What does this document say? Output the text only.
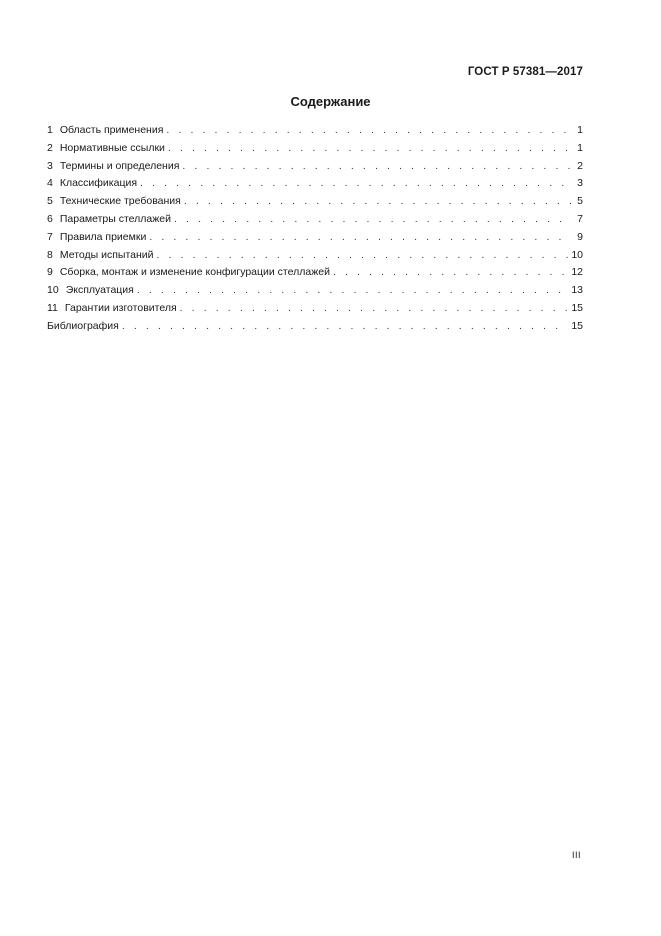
ГОСТ Р 57381—2017
Содержание
1 Область применения . . .	1
2 Нормативные ссылки . . .	1
3 Термины и определения . . .	2
4 Классификация . . .	3
5 Технические требования . . .	5
6 Параметры стеллажей . . .	7
7 Правила приемки . . .	9
8 Методы испытаний . . .	10
9 Сборка, монтаж и изменение конфигурации стеллажей . . .	12
10 Эксплуатация . . .	13
11 Гарантии изготовителя . . .	15
Библиография . . .	15
III
